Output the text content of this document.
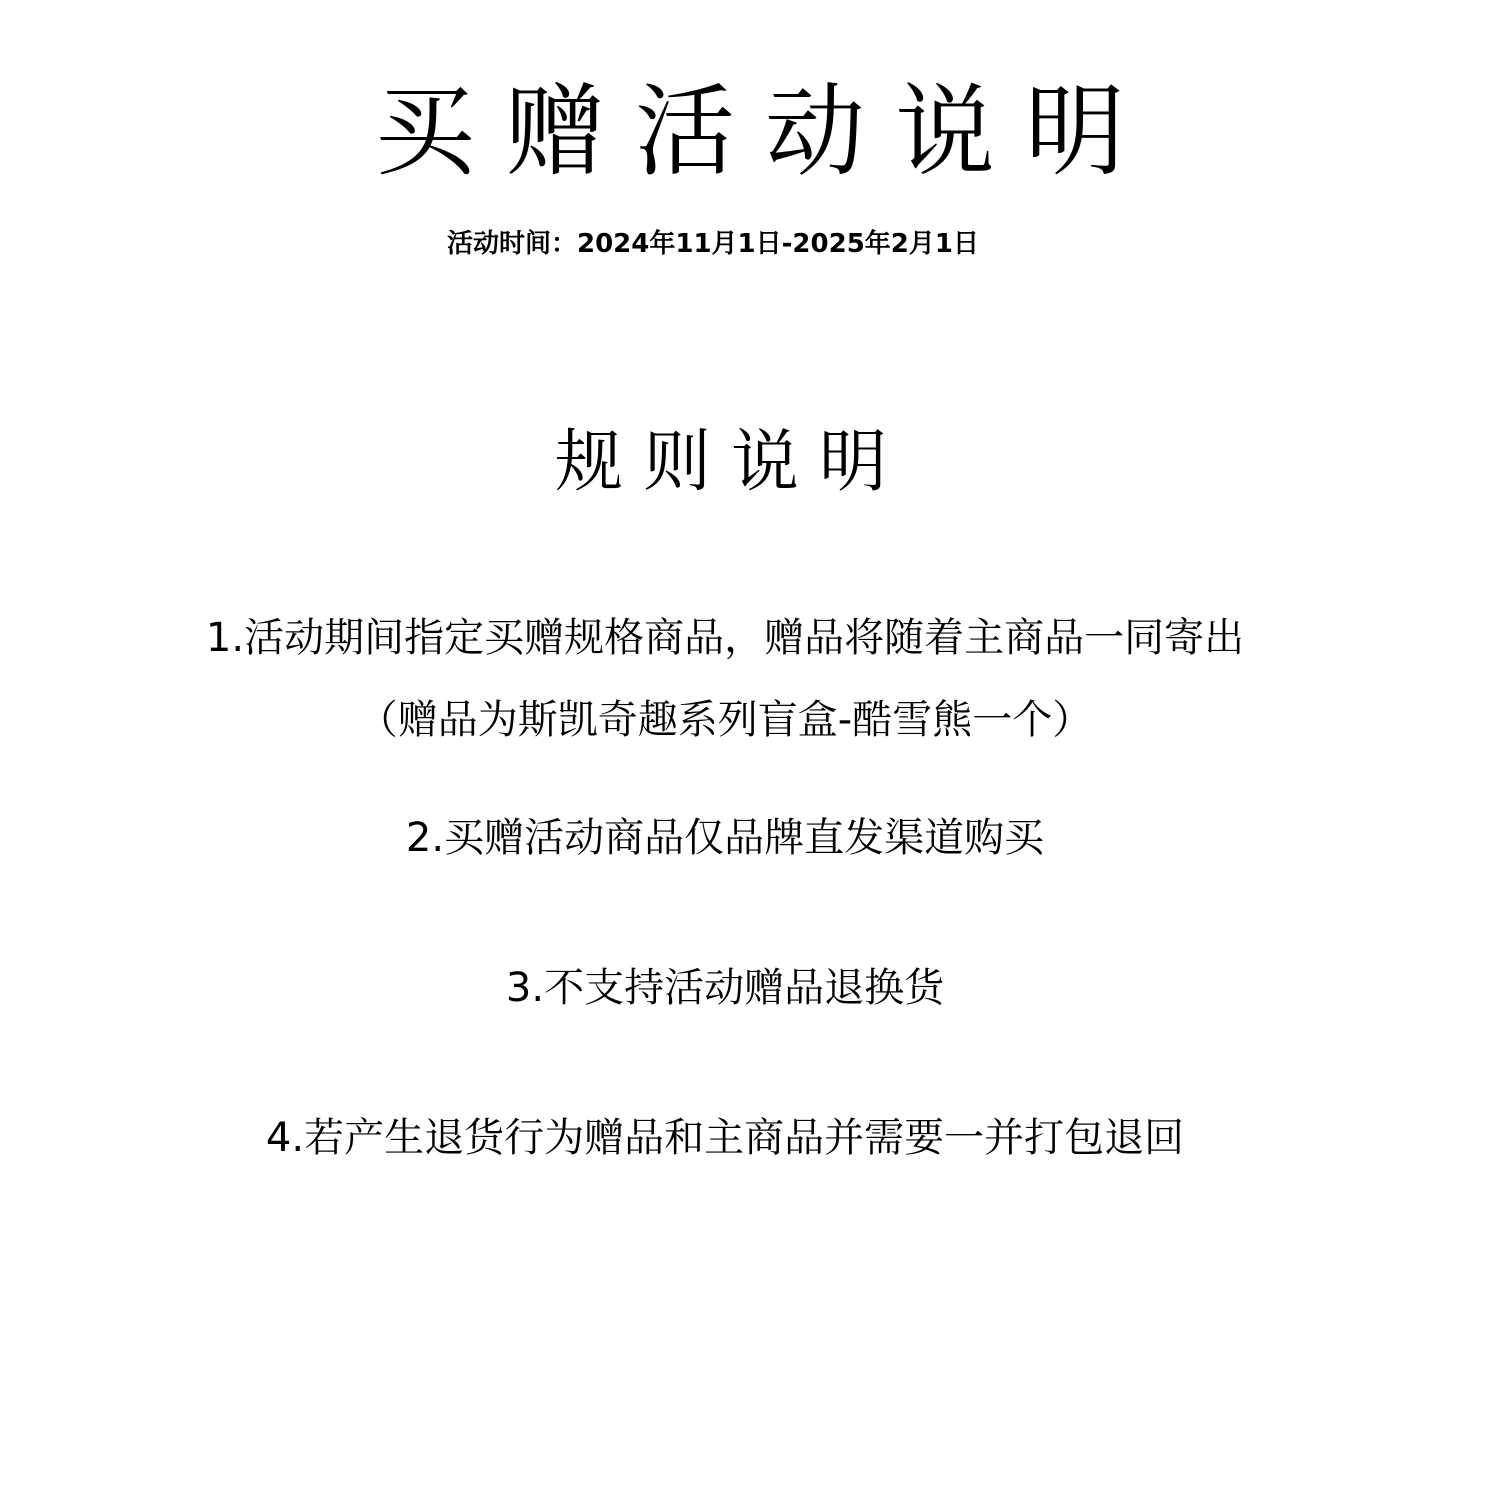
买赠活动说明
活动时间：2024年11月1日-2025年2月1日
规则说明
1.活动期间指定买赠规格商品，赠品将随着主商品一同寄出
（赠品为斯凯奇趣系列盲盒-酷雪熊一个）
2.买赠活动商品仅品牌直发渠道购买
3.不支持活动赠品退换货
4.若产生退货行为赠品和主商品并需要一并打包退回
